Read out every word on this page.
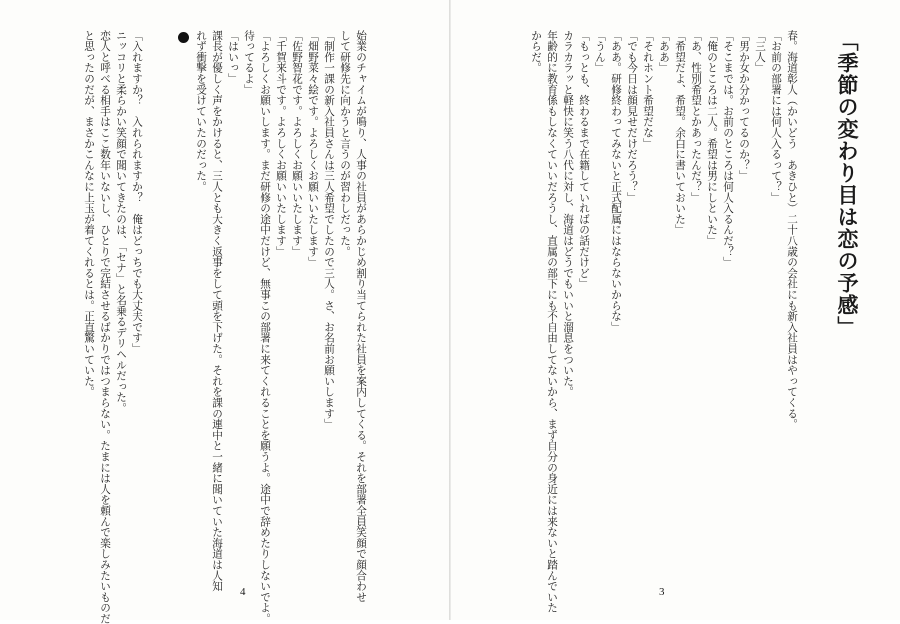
始業のチャイムが鳴り、人事の社員があらかじめ割り当てられた社員を案内してくる。それを部署全員笑顔で顔合わせ
して研修先に向かうと言うのが習わしだった。
「制作一課の新入社員さんは三人希望でしたので三人。さ、お名前お願いします」
「畑野菜々絵です。よろしくお願いいたします」
「佐野智花です。よろしくお願いいたします」
「千賀来斗です。よろしくお願いいたします」
「よろしくお願いします。まだ研修の途中だけど、無事この部署に来てくれることを願うよ。途中で辞めたりしないでよ。
待ってるよ」
「はいっ」
課長が優しく声をかけると、三人とも大きく返事をして頭を下げた。それを課の連中と一緒に聞いていた海道は人知
れず衝撃を受けていたのだった。

「入れますか？　入れられますか？　俺はどっちでも大丈夫です」
ニッコリと柔らかい笑顔で聞いてきたのは、「セナ」と名乗るデリヘルだった。
恋人と呼べる相手はここ数年いないし、ひとりで完結させるばかりではつまらない。たまには人を頼んで楽しみたいものだ
と思ったのだが、まさかこんなに上玉が着てくれるとは。正直驚いていた。
4
「季節の変わり目は恋の予感」
春。海道彰人（かいどう　あきひと）二十八歳の会社にも新入社員はやってくる。
「お前の部署には何人入るって？」
「三人」
「男か女か分かってるのか？」
「そこまでは。お前のところは何人入るんだ？」
「俺のところは二人。希望は男にしといた」
「あ、性別希望とかあったんだ？」
「希望だよ、希望。余白に書いておいた」
「ああ」
「それホント希望だな」
「でも今日は顔見せだけだろう？」
「ああ。研修終わってみないと正式配属にはならないからな」
「うん」
「もっとも、終わるまで在籍していればの話だけど」
カラカラッと軽快に笑う八代に対し、海道はどうでもいいと溜息をついた。
年齢的に教育係もしなくていいだろうし、直属の部下にも不自由してないから、まず自分の身近には来ないと踏んでいた
からだ。
3
